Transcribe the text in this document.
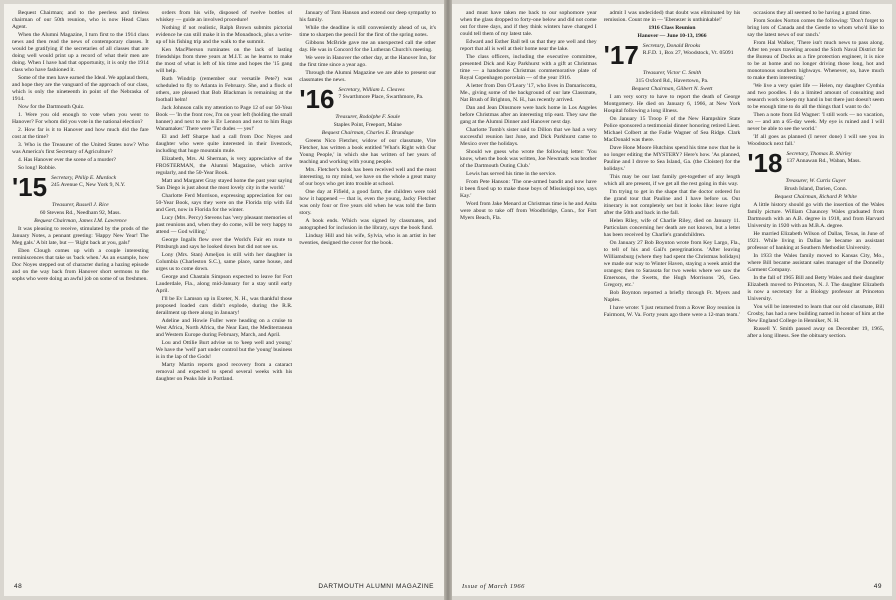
Bequest Chairman; and to the peerless and tireless chairman of our 50th reunion, who is now Head Class Agent.

When the Alumni Magazine, I turn first to the 1914 class news and then read the news of contemporary classes. It would be gratifying if the secretaries of all classes that are doing well would print up a record of what their men are doing. When I have had that opportunity, it is only the 1914 class who have fashioned it.

Some of the men have earned the Ideal. We applaud them, and hope they are the vanguard of the approach of our class, which is only the nineteenth in point of the Nebraska of 1914.

Now for the Dartmouth Quiz.

1. Were you old enough to vote when you went to Hanover? For whom did you vote in the national election?

2. How far is it to Hanover and how much did the fare cost at the time?

3. Who is the Treasurer of the United States now? Who was America's first Secretary of Agriculture?

4. Has Hanover ever the scene of a murder?

So long! Robbie.

'15 Secretary, Philip E. Murdock
245 Avenue C, New York 9, N.Y.

Treasurer, Russell J. Rice

60 Stevens Rd., Needham 92, Mass.

Bequest Chairman, James I.M. Lawrence

It was pleasing to receive, stimulated by the prods of the January Notes, a pennant greeting: 'Happy New Year! The Meg gals.' A bit late, but — 'Right back at you, gals!'

Eben Clough comes up with a couple interesting reminiscences that take us 'back when.' As an example, how Doc Noyes stepped out of character during a hazing episode and on the way back from Hanover short sermons to the sophs who were doing an awful job on some of us freshmen.

orders from his wife, disposed of twelve bottles of whiskey — guide an involved procedure!

Nothing if not realistic, Ralph Brown submits pictorial evidence he can still make it in the Monadnock, plus a write-up of his fishing trip and the walk to the summit.

Ken MacPherson ruminates on the lack of lasting friendships from three years at M.I.T. as he learns to make the most of what is left of his time and hopes the '15 gang will help.

Ruth Windrip (remember our versatile Pete?) was scheduled to fly to Atlanta in February. She, and a flock of others, are pleased that Bob Blackman is remaining at the football helm!

Jack Johnson calls my attention to Page 12 of our 50-Year Book — 'In the front row, I'm on your left (holding the small banner) and next to me is Ev Lennon and next to him Rugs Wanamaker.' There were 'Tut dudes — yes!'

El and Jeff Sharpe had a call from Doc Noyes and daughter who were quite interested in their livestock, including that huge mountain mule.

Elizabeth, Mrs. Al Sherman, is very appreciative of the FROSTERMAN, the Alumni Magazine, which arrive regularly, and the 50-Year Book.

Matt and Margaret Gray stayed home the past year saying 'San Diego is just about the most lovely city in the world.'

Charlotte Ferd Morrison, expressing appreciation for our 50-Year Book, says they were on the Florida trip with Ed and Gert, now in Florida for the winter.

Lucy (Mrs. Percy) Stevens has 'very pleasant memories of past reunions and, when they do come, will be very happy to attend — God willing.'

George Ingalls flew over the World's Fair en route to Pittsburgh and says he looked down but did not see us.

Lony (Mrs. Stan) Ameljon is still with her daughter in Columbia (Charleston S.C.), same place, same house, and urges us to come down.

George and Chastain Simpson expected to leave for Fort Lauderdale, Fla., along mid-January for a stay until early April.

I'll be Ev Lamson up in Exeter, N. H., was thankful those proposed loaded cars didn't explode, during the R.R. derailment up there along in January!

Adeline and Howie Fuller were heading on a cruise to West Africa, North Africa, the Near East, the Mediterranean and Western Europe during February, March, and April.

Lou and Ottilie Burt advise us to 'keep well and young.' We have the 'well' part under control but the 'young' business is in the lap of the Gods!

Marty Martin reports good recovery from a cataract removal and expected to spend several weeks with his daughter on Peaks Isle in Portland.

January of Tom Hanson and extend our deep sympathy to his family.

While the deadline is still conveniently ahead of us, it's time to sharpen the pencil for the first of the spring notes.

Gibbons McBride gave me an unexpected call the other day. He was in Concord for the Lutheran Church's meeting.

We were in Hanover the other day, at the Hanover Inn, for the first time since a year ago.

Through the Alumni Magazine we are able to present our classmates the news.

'16 Secretary, William L. Cleaves
7 Swarthmore Place, Swarthmore, Pa.

Treasurer, Rodolphe F. Soule

Staples Point, Freeport, Maine

Bequest Chairman, Charles E. Brundage

Greens Nico Fletcher, widow of our classmate, Vire Fletcher, has written a book entitled 'What's Right with Our Young People,' in which she has written of her years of teaching and working with young people.

Mrs. Fletcher's book has been received well and the most interesting, to my mind, we have on the whole a great many of our boys who get into trouble at school.

One day at Fifield, a good farm, the children were told how it happened — that is, even the young, Jacky Fletcher was only four or five years old when he was told the farm story.

A book ends. Which was signed by classmates, and autographed for inclusion in the library, says the book fund.

Lindsay Hill and his wife, Sylvia, who is an artist in her twenties, designed the cover for the book.

48	DARTMOUTH ALUMNI MAGAZINE

and must have taken me back to our sophomore year when the glass dropped to forty-one below and did not come out for three days, and if they think winters have changed I could tell them of my latest tale.

Edward and Esther Ball tell us that they are well and they report that all is well at their home near the lake.

The class officers, including the executive committee, presented Dick and Kay Parkhurst with a gift at Christmas time — a handsome Christmas commemorative plate of Royal Copenhagen porcelain — of the year 1916.

A letter from Don O'Leary '17, who lives in Damariscotta, Me., giving some of the background of our late Classmate, Nat Brush of Brighton, N. H., has recently arrived.

Dan and Jean Dinsmore were back home in Los Angeles before Christmas after an interesting trip east. They saw the gang at the Alumni Dinner and Hanover next day.

Charlotte Tomb's sister said to Dillon that we had a very successful reunion last June, and Dick Parkhurst came to Mexico over the holidays.

Should we guess who wrote the following letter: 'You know, when the book was written, Joe Newmark was brother of the Dartmouth Outing Club.'

Lewis has served his time in the service.

From Pete Hanson: 'The one-armed bandit and now have it been fixed up to make those boys of Mississippi too, says Kay.'

Word from Jake Menard at Christmas time is he and Anita were about to take off from Woodbridge, Conn., for Fort Myers Beach, Fla.

admit I was undecided) that doubt was eliminated by his remission. Count me in — 'Ebenezer is unthinkable!'

1916 Class Reunion

Hanover — June 10-13, 1966

'17 Secretary, Donald Brooks
R.F.D. 1, Box 27, Woodstock, Vt. 05091

Treasurer, Victor C. Smith

315 Oxford Rd., Havertown, Pa.

Bequest Chairman, Gilbert N. Swett

I am very sorry to have to report the death of George Montgomery. He died on January 6, 1966, at New York Hospital following a long illness.

On January 15 Troop F of the New Hampshire State Police sponsored a testimonial dinner honoring retired Lieut. Michael Colbert at the Fadie Wagner of Sea Ridge. Clark MacDonald was there.

Dave Hone Moore Hutchins spend his time now that he is no longer editing the MYSTERY? Here's how. 'As planned, Pauline and I drove to Sea Island, Ga. (the Cloister) for the holidays.'

This may be our last family get-together of any length which all are present, if we get all the rest going in this way.

I'm trying to get in the shape that the doctor ordered for the grand tour that Pauline and I have before us. Our itinerary is not completely set but it looks like: leave right after the 50th and back in the fall.

Helen Riley, wife of Charlie Riley, died on January 11. Particulars concerning her death are not known, but a letter has been received by Charlie's grandchildren.

On January 27 Bob Boynton wrote from Key Largo, Fla., to tell of his and Gail's peregrinations. 'After leaving Williamsburg (where they had spent the Christmas holidays) we made our way to Winter Haven, staying a week amid the oranges; then to Sarasota for two weeks where we saw the Emersons, the Swetts, the Hugh Morrisons '26, Geo. Gregory, etc.'

Bob Boynton reported a briefly through Ft. Myers and Naples.

I have wrote: 'I just returned from a Rover Boy reunion in Fairmont, W. Va. Forty years ago there were a 12-man team.'

occasions they all seemed to be having a grand time.

From Soules Norton comes the following: 'Don't forget to bring lots of Canada and the Gentle to whom who'd like to say the latest news of our ranch.'

From Hal Walker, 'There isn't much news to pass along. After ten years traveling around the Sixth Naval District for the Bureau of Docks as a fire protection engineer, it is nice to be at home and no longer driving those long, hot and monotonous southern highways. Whenever, so, have much to make them interesting.'

'We live a very quiet life — Helen, my daughter Cynthia and two poodles. I do a limited amount of consulting and research work to keep my hand in but there just doesn't seem to be enough time to do all the things that I want to do.'

Then a note from Ed Wagner: 'I still work — no vacation, no — and am a 65-day week. My eye is ruined and I will never be able to see the world.'

'If all goes as planned (I never done) I will see you in Woodstock next fall.'

'18 Secretary, Thomas B. Shirley
137 Annawan Rd., Waban, Mass.

Treasurer, W. Curtis Guyer

Brush Island, Darien, Conn.

Bequest Chairman, Richard P. White

A little history should go with the insertion of the Wales family picture. William Chauncey Wales graduated from Dartmouth with an A.B. degree in 1918, and from Harvard University in 1920 with an M.B.A. degree.

He married Elizabeth Wilson of Dallas, Texas, in June of 1921. While living in Dallas he became an assistant professor of banking at Southern Methodist University.

In 1933 the Wales family moved to Kansas City, Mo., where Bill became assistant sales manager of the Donnelly Garment Company.

In the fall of 1965 Bill and Betty Wales and their daughter Elizabeth moved to Princeton, N. J. The daughter Elizabeth is now a secretary for a Biology professor at Princeton University.

You will be interested to learn that our old classmate, Bill Crosby, has had a new building named in honor of him at the New England College in Henniker, N. H.

Russell Y. Smith passed away on December 19, 1965, after a long illness. See the obituary section.

Issue of March 1966	49
